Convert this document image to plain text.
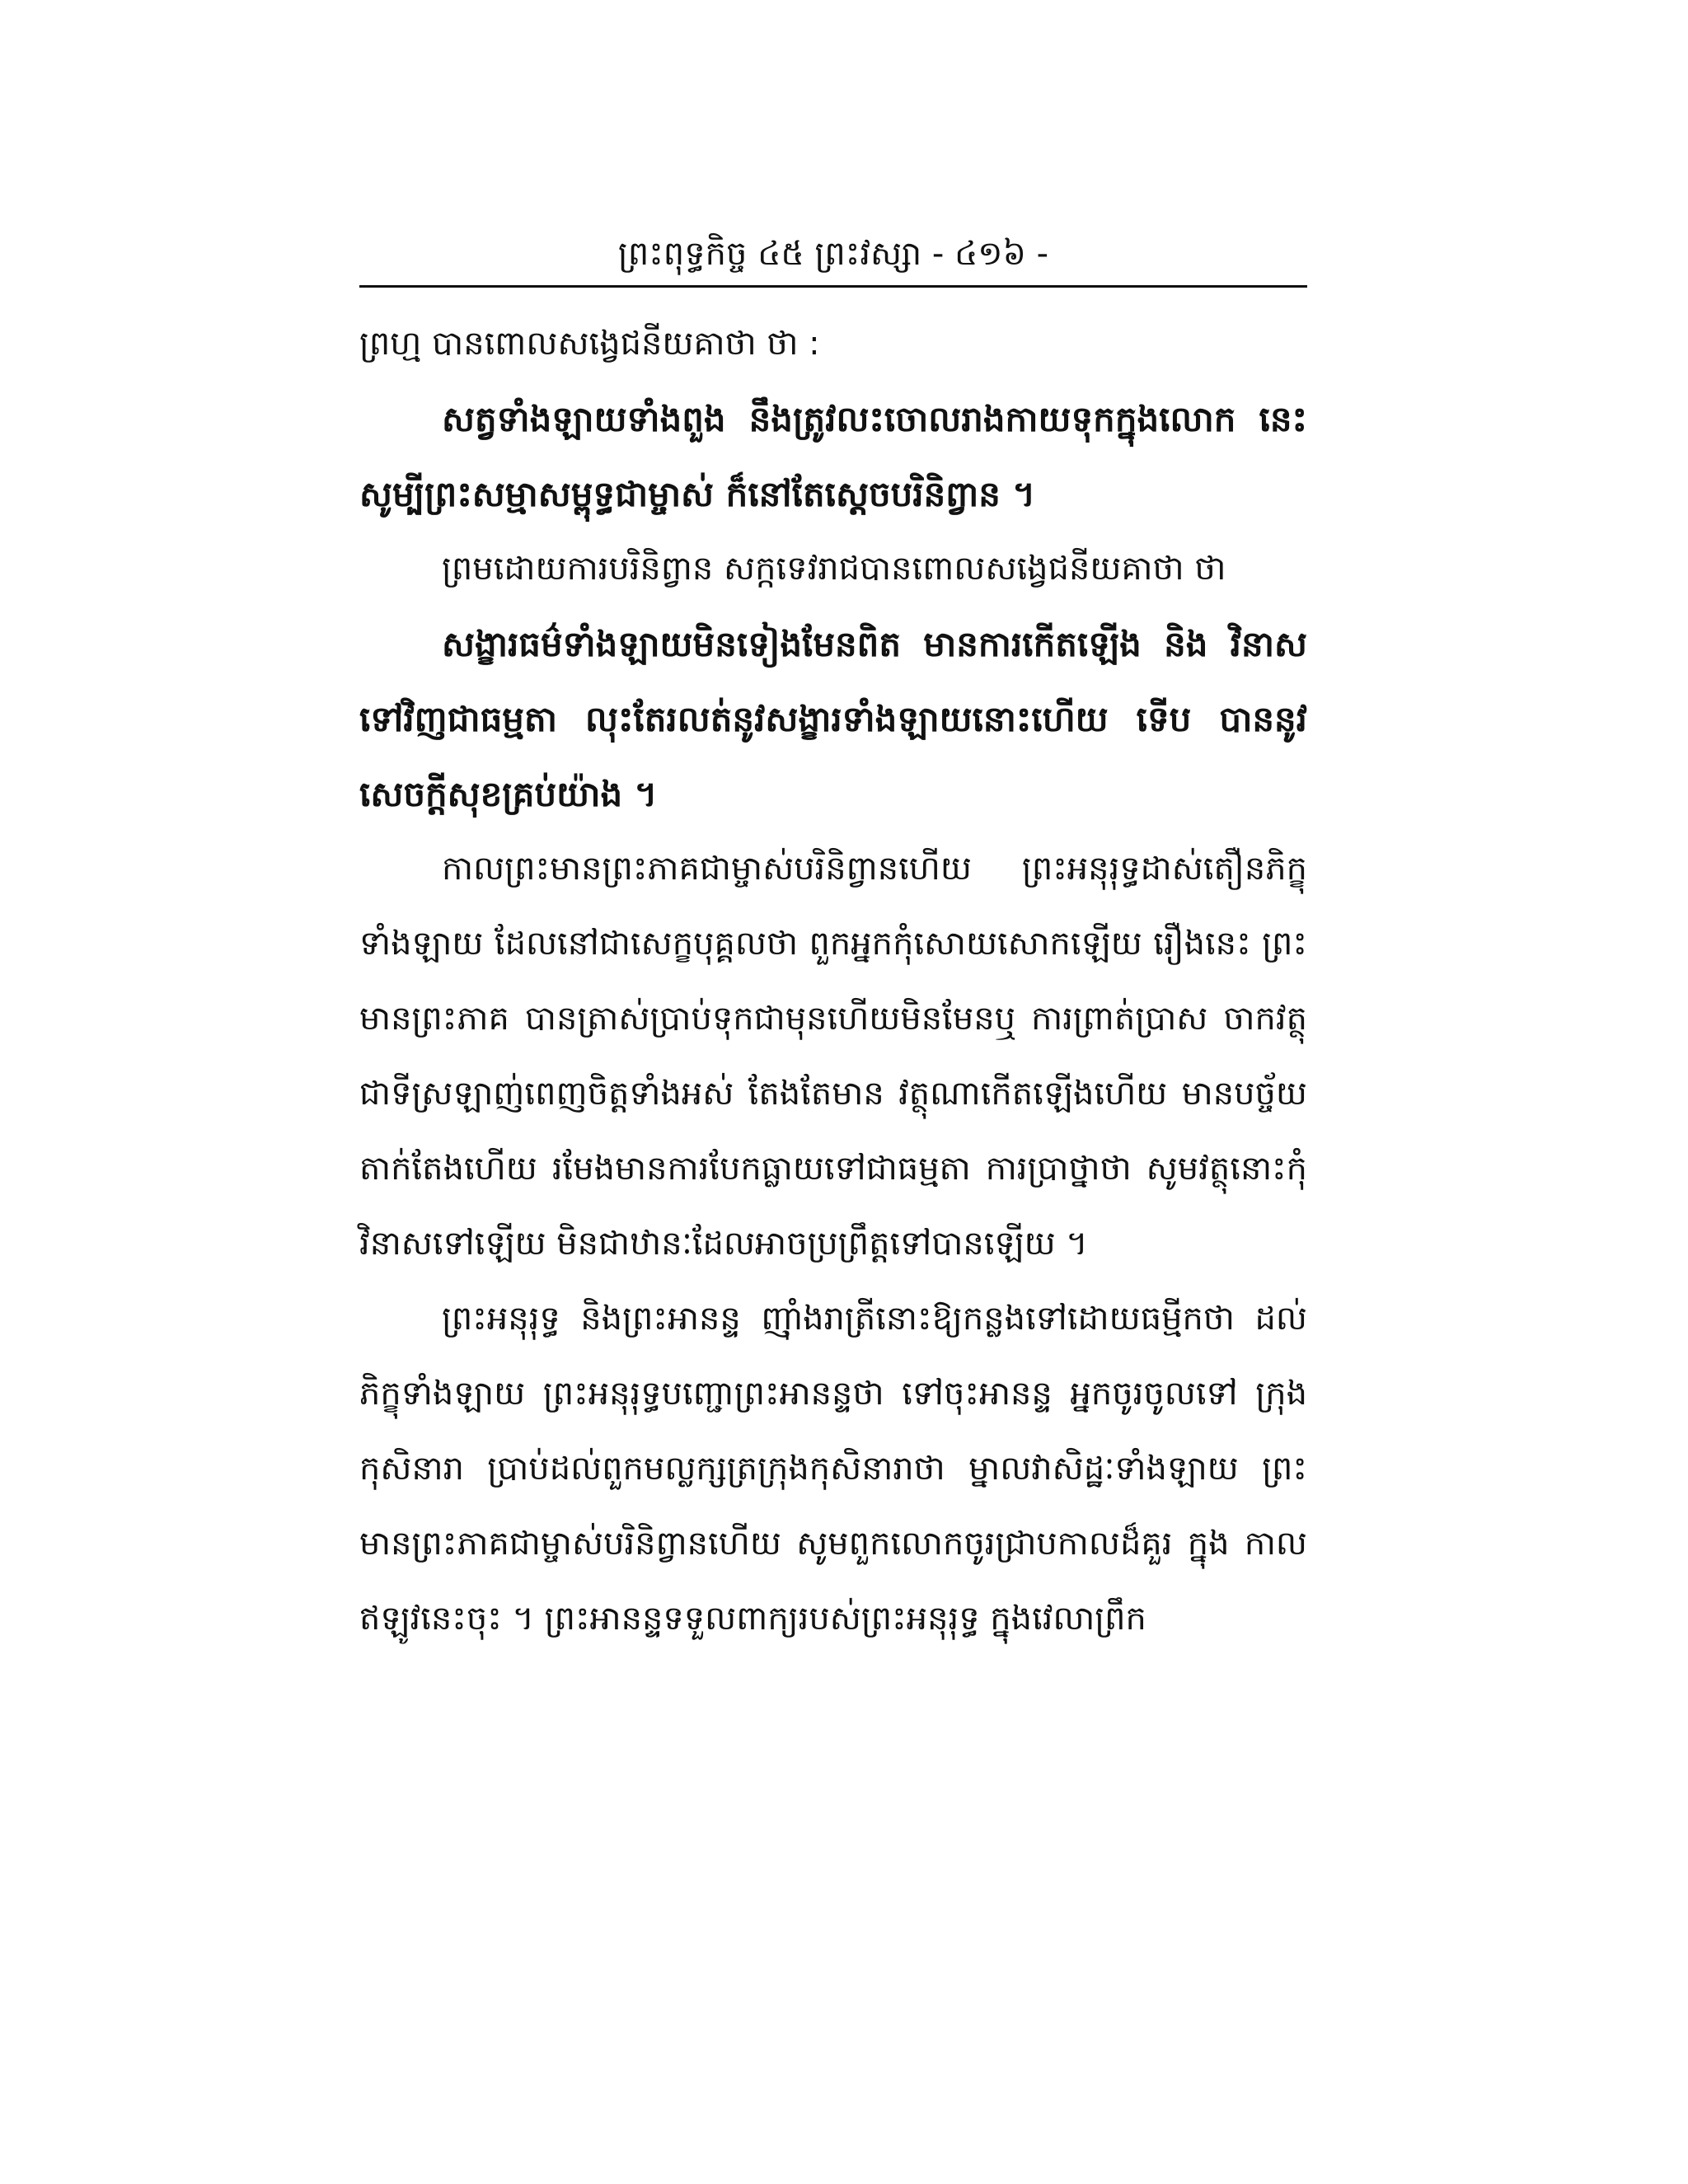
ព្រះពុទ្ធកិច្ច ៤៥ ព្រះវស្សា - ៤១៦ -

ព្រហ្ម បានពោលសង្វេជនីយគាថា ថា :

សត្វទាំងឡាយទាំងពួង នឹងត្រូវលះចោលរាងកាយទុកក្នុងលោក នេះ សូម្បីព្រះសម្មាសម្ពុទ្ធជាម្ចាស់ ក៏នៅតែស្តេចបរិនិព្វាន ។

ព្រមដោយការបរិនិព្វាន សក្កទេវរាជបានពោលសង្វេជនីយគាថា ថា

សង្ខារធម៌ទាំងឡាយមិនទៀងមែនពិត មានការកើតឡើង និង វិនាសទៅវិញជាធម្មតា លុះតែរលត់នូវសង្ខារទាំងឡាយនោះហើយ ទើប បាននូវសេចក្តីសុខគ្រប់យ៉ាង ។

កាលព្រះមានព្រះភាគជាម្ចាស់បរិនិព្វានហើយ ព្រះអនុរុទ្ធដាស់តឿនភិក្ខុ ទាំងឡាយ ដែលនៅជាសេក្ខបុគ្គលថា ពួកអ្នកកុំសោយសោកឡើយ រឿងនេះ ព្រះមានព្រះភាគ បានត្រាស់ប្រាប់ទុកជាមុនហើយមិនមែនឬ ការព្រាត់ប្រាស ចាកវត្ថុជាទីស្រឡាញ់ពេញចិត្តទាំងអស់ តែងតែមាន វត្ថុណាកើតឡើងហើយ មានបច្ច័យតាក់តែងហើយ រមែងមានការបែកធ្លាយទៅជាធម្មតា ការប្រាថ្នាថា សូមវត្ថុនោះកុំវិនាសទៅឡើយ មិនជាឋានៈដែលអាចប្រព្រឹត្តទៅបានឡើយ ។

ព្រះអនុរុទ្ធ និងព្រះអានន្ទ ញ៉ាំងរាត្រីនោះឱ្យកន្លងទៅដោយធម្មីកថា ដល់ភិក្ខុទាំងឡាយ ព្រះអនុរុទ្ធបញ្ជោព្រះអានន្ទថា ទៅចុះអានន្ទ អ្នកចូរចូលទៅ ក្រុងកុសិនារា ប្រាប់ដល់ពួកមល្លក្សត្រក្រុងកុសិនារាថា ម្នាលវាសិដ្ឋៈទាំងឡាយ ព្រះមានព្រះភាគជាម្ចាស់បរិនិព្វានហើយ សូមពួកលោកចូរជ្រាបកាលដ៏គួរ ក្នុង កាលឥឡូវនេះចុះ ។ ព្រះអានន្ទទទួលពាក្យរបស់ព្រះអនុរុទ្ធ ក្នុងវេលាព្រឹក
